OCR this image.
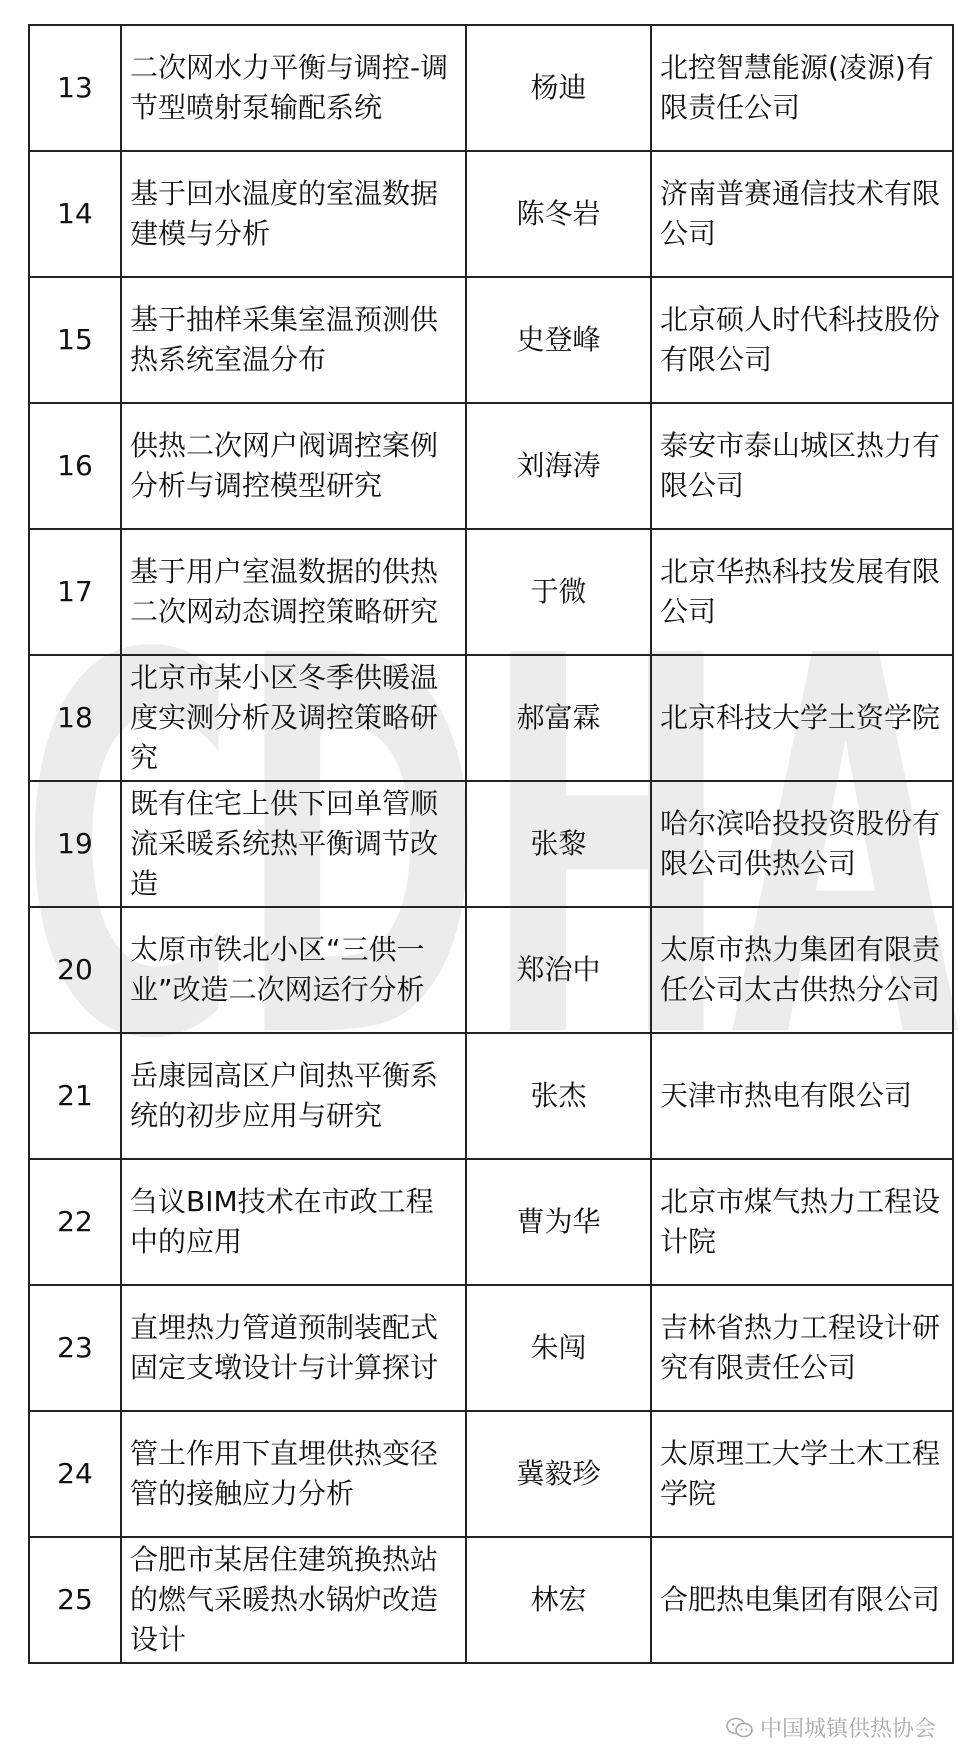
CDHA
13	二次网水力平衡与调控-调节型喷射泵输配系统	杨迪	北控智慧能源(凌源)有限责任公司
14	基于回水温度的室温数据建模与分析	陈冬岩	济南普赛通信技术有限公司
15	基于抽样采集室温预测供热系统室温分布	史登峰	北京硕人时代科技股份有限公司
16	供热二次网户阀调控案例分析与调控模型研究	刘海涛	泰安市泰山城区热力有限公司
17	基于用户室温数据的供热二次网动态调控策略研究	于微	北京华热科技发展有限公司
18	北京市某小区冬季供暖温度实测分析及调控策略研究	郝富霖	北京科技大学土资学院
19	既有住宅上供下回单管顺流采暖系统热平衡调节改造	张黎	哈尔滨哈投投资股份有限公司供热公司
20	太原市铁北小区“三供一业”改造二次网运行分析	郑治中	太原市热力集团有限责任公司太古供热分公司
21	岳康园高区户间热平衡系统的初步应用与研究	张杰	天津市热电有限公司
22	刍议BIM技术在市政工程中的应用	曹为华	北京市煤气热力工程设计院
23	直埋热力管道预制装配式固定支墩设计与计算探讨	朱闯	吉林省热力工程设计研究有限责任公司
24	管土作用下直埋供热变径管的接触应力分析	冀毅珍	太原理工大学土木工程学院
25	合肥市某居住建筑换热站的燃气采暖热水锅炉改造设计	林宏	合肥热电集团有限公司
中国城镇供热协会
